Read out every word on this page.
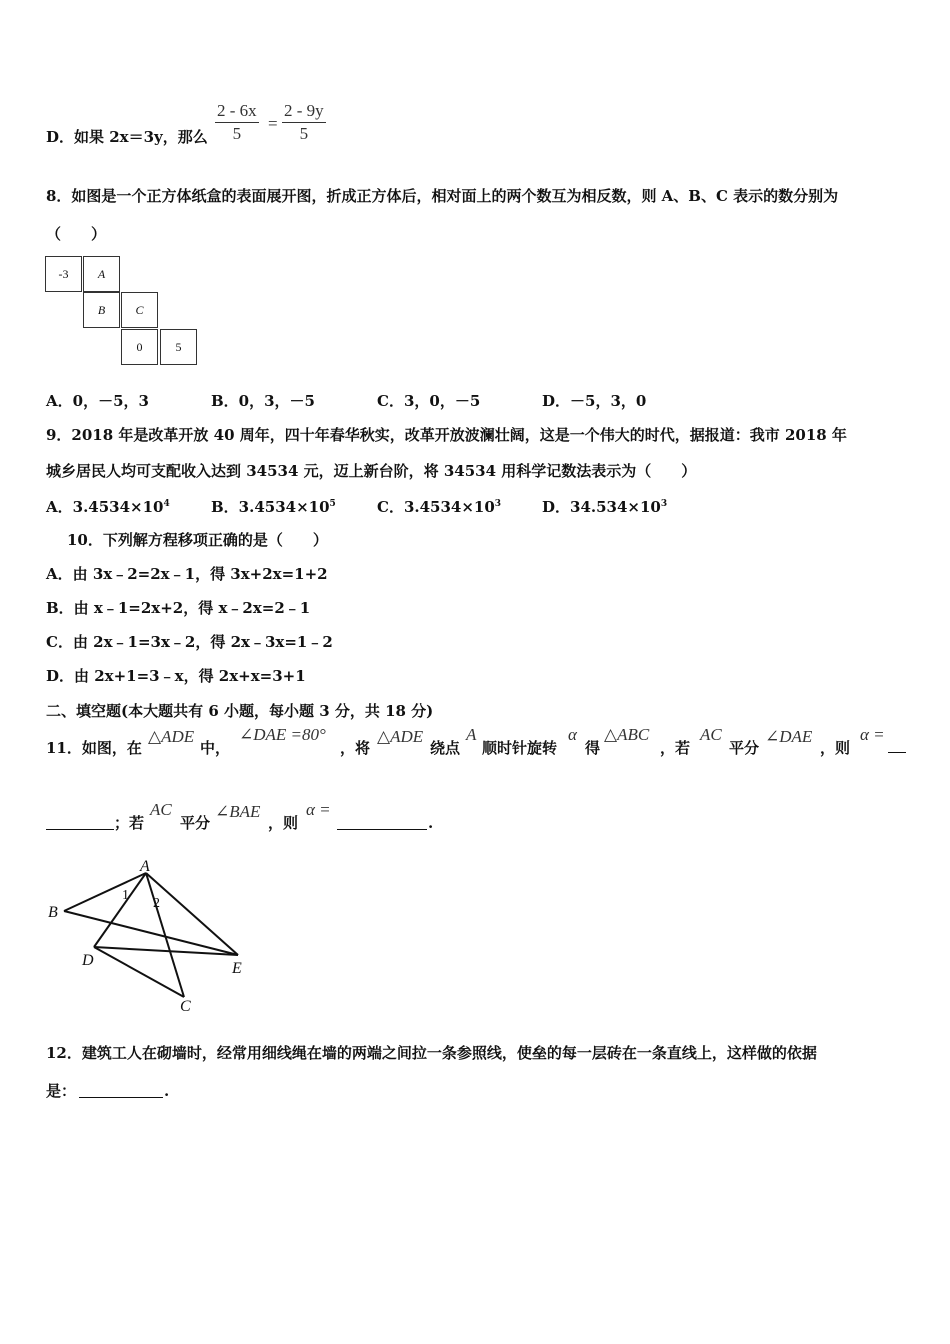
D．如果 2x＝3y，那么 $\frac{2 - 6x}{5} = \frac{2 - 9y}{5}$
8．如图是一个正方体纸盒的表面展开图，折成正方体后，相对面上的两个数互为相反数，则 A、B、C 表示的数分别为
（　　）
-3	A
B	C
0	5
A．0，－5，3	B．0，3，－5	C．3，0，－5	D．－5，3，0
9．2018 年是改革开放 40 周年，四十年春华秋实，改革开放波澜壮阔，这是一个伟大的时代，据报道：我市 2018 年
城乡居民人均可支配收入达到 34534 元，迈上新台阶，将 34534 用科学记数法表示为（　　）
A．$3.4534\times 10^4$	B．$3.4534\times 10^5$	C．$3.4534\times 10^3$	D．$34.534\times 10^3$
10．下列解方程移项正确的是（　　）
A．由 3x﹣2=2x﹣1，得 3x+2x=1+2
B．由 x﹣1=2x+2，得 x﹣2x=2﹣1
C．由 2x﹣1=3x﹣2，得 2x﹣3x=1﹣2
D．由 2x+1=3﹣x，得 2x+x=3+1
二、填空题(本大题共有 6 小题，每小题 3 分，共 18 分)
11．如图，在
△ADE
中，
∠DAE =80°
，将
△ADE
绕点
A
顺时针旋转
α
得
△ABC
，若
AC
平分
∠DAE
，则
α =
；若
AC
平分
∠BAE
，则
α =
.
A
B
D	E
C
1
2
12．建筑工人在砌墙时，经常用细线绳在墙的两端之间拉一条参照线，使垒的每一层砖在一条直线上，这样做的依据
是：	.
